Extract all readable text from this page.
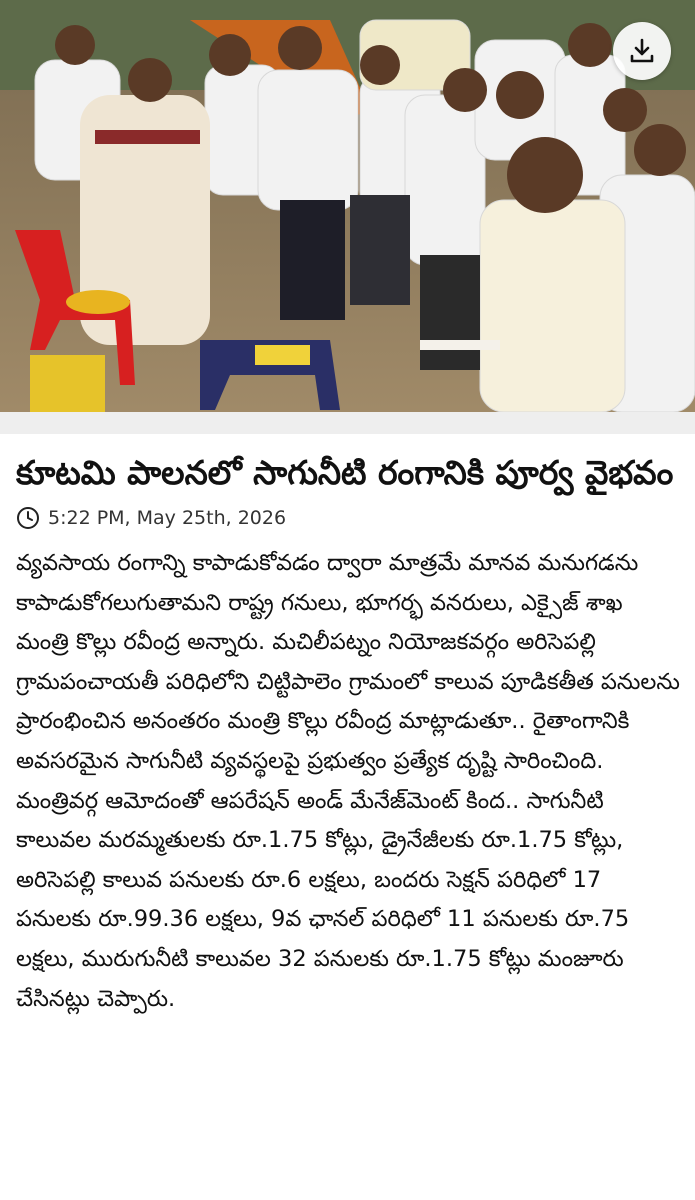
కూటమి పాలనలో సాగునీటి రంగానికి పూర్వ వైభవం
5:22 PM, May 25th, 2026

వ్యవసాయ రంగాన్ని కాపాడుకోవడం ద్వారా మాత్రమే మానవ మనుగడను కాపాడుకోగలుగుతామని రాష్ట్ర గనులు, భూగర్భ వనరులు, ఎక్సైజ్ శాఖ మంత్రి కొల్లు రవీంద్ర అన్నారు. మచిలీపట్నం నియోజకవర్గం అరిసెపల్లి గ్రామపంచాయతీ పరిధిలోని చిట్టిపాలెం గ్రామంలో కాలువ పూడికతీత పనులను ప్రారంభించిన అనంతరం మంత్రి కొల్లు రవీంద్ర మాట్లాడుతూ.. రైతాంగానికి అవసరమైన సాగునీటి వ్యవస్థలపై ప్రభుత్వం ప్రత్యేక దృష్టి సారించింది. మంత్రివర్గ ఆమోదంతో ఆపరేషన్ అండ్ మేనేజ్‌మెంట్ కింద.. సాగునీటి కాలువల మరమ్మతులకు రూ.1.75 కోట్లు, డ్రైనేజీలకు రూ.1.75 కోట్లు, అరిసెపల్లి కాలువ పనులకు రూ.6 లక్షలు, బందరు సెక్షన్ పరిధిలో 17 పనులకు రూ.99.36 లక్షలు, 9వ ఛానల్ పరిధిలో 11 పనులకు రూ.75 లక్షలు, మురుగునీటి కాలువల 32 పనులకు రూ.1.75 కోట్లు మంజూరు చేసినట్లు చెప్పారు.
